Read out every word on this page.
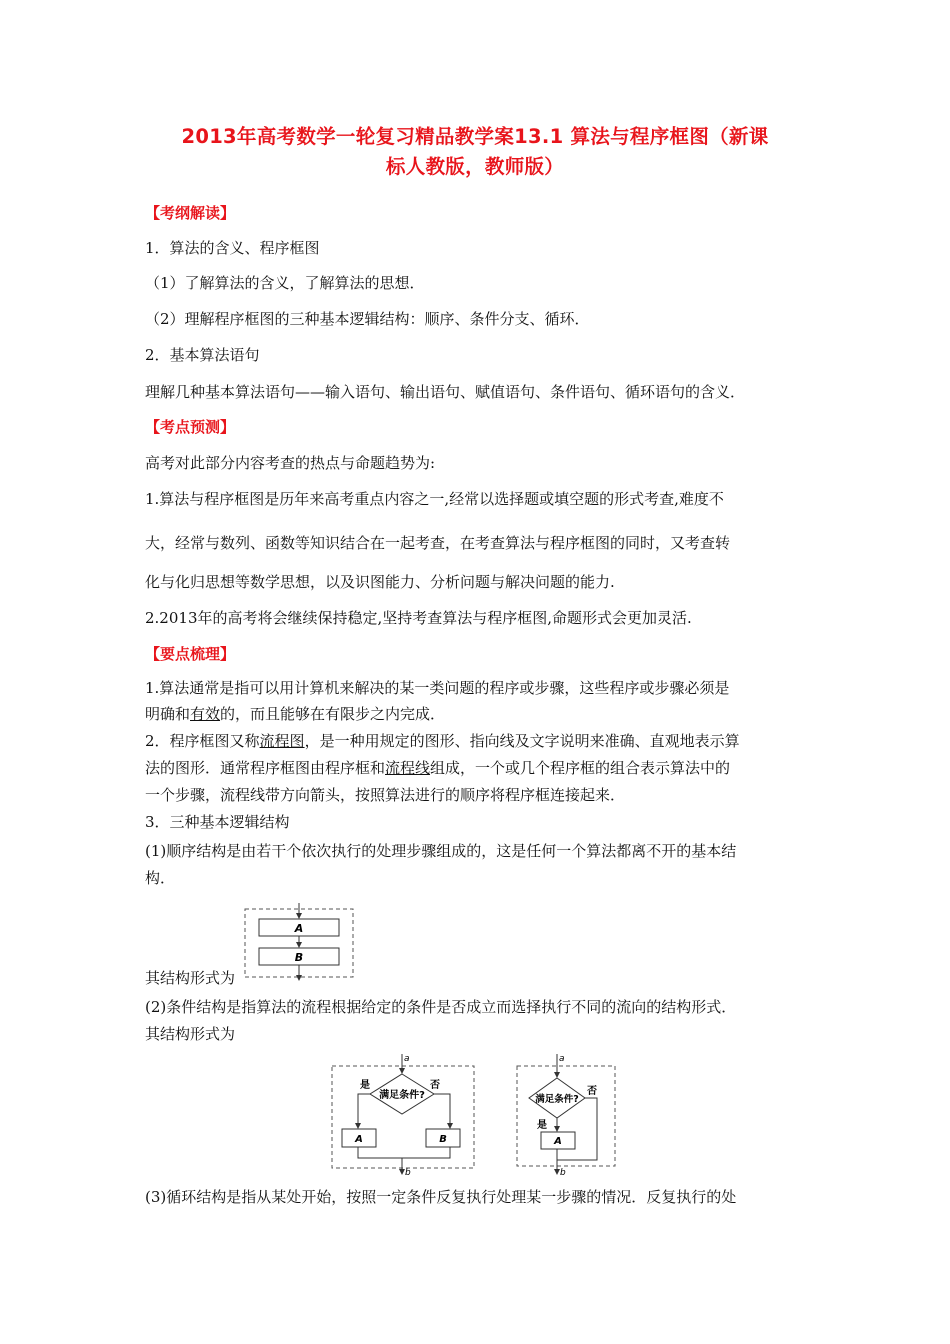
2013年高考数学一轮复习精品教学案13.1 算法与程序框图（新课
标人教版，教师版）
【考纲解读】
1．算法的含义、程序框图
（1）了解算法的含义，了解算法的思想．
（2）理解程序框图的三种基本逻辑结构：顺序、条件分支、循环．
2．基本算法语句
理解几种基本算法语句——输入语句、输出语句、赋值语句、条件语句、循环语句的含义．
【考点预测】
高考对此部分内容考查的热点与命题趋势为:
1.算法与程序框图是历年来高考重点内容之一,经常以选择题或填空题的形式考查,难度不
大，经常与数列、函数等知识结合在一起考查，在考查算法与程序框图的同时，又考查转
化与化归思想等数学思想，以及识图能力、分析问题与解决问题的能力.
2.2013年的高考将会继续保持稳定,坚持考查算法与程序框图,命题形式会更加灵活.
【要点梳理】
1.算法通常是指可以用计算机来解决的某一类问题的程序或步骤，这些程序或步骤必须是
明确和有效的，而且能够在有限步之内完成．
2．程序框图又称流程图，是一种用规定的图形、指向线及文字说明来准确、直观地表示算
法的图形．通常程序框图由程序框和流程线组成，一个或几个程序框的组合表示算法中的
一个步骤，流程线带方向箭头，按照算法进行的顺序将程序框连接起来．
3．三种基本逻辑结构
(1)顺序结构是由若干个依次执行的处理步骤组成的，这是任何一个算法都离不开的基本结
构．
A
B
其结构形式为
(2)条件结构是指算法的流程根据给定的条件是否成立而选择执行不同的流向的结构形式．
其结构形式为
a
满足条件?
是	否
A	B
b
a
满足条件?
否
是
A
b
(3)循环结构是指从某处开始，按照一定条件反复执行处理某一步骤的情况．反复执行的处
